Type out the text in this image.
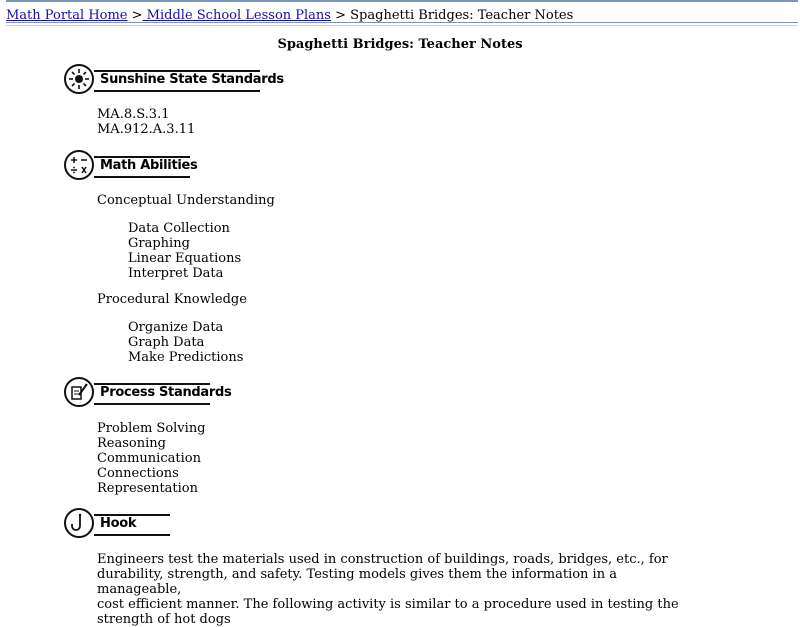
Math Portal Home > Middle School Lesson Plans > Spaghetti Bridges: Teacher Notes
Spaghetti Bridges: Teacher Notes
Sunshine State Standards
MA.8.S.3.1
MA.912.A.3.11
Math Abilities
Conceptual Understanding
Data Collection
Graphing
Linear Equations
Interpret Data
Procedural Knowledge
Organize Data
Graph Data
Make Predictions
Process Standards
Problem Solving
Reasoning
Communication
Connections
Representation
Hook
Engineers test the materials used in construction of buildings, roads, bridges, etc., for
durability, strength, and safety. Testing models gives them the information in a manageable,
cost efficient manner. The following activity is similar to a procedure used in testing the
strength of hot dogs
